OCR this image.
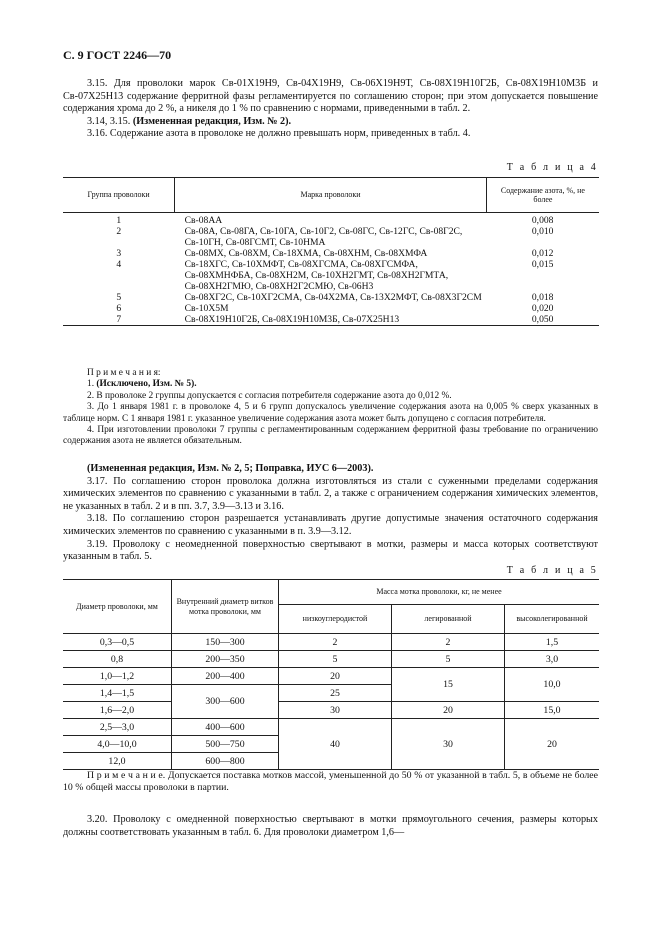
С. 9 ГОСТ 2246—70

3.15. Для проволоки марок Св-01Х19Н9, Св-04Х19Н9, Св-06Х19Н9Т, Св-08Х19Н10Г2Б, Св-08Х19Н10М3Б и Св-07Х25Н13 содержание ферритной фазы регламентируется по соглашению сторон; при этом допускается повышение содержания хрома до 2 %, а никеля до 1 % по сравнению с нормами, приведенными в табл. 2.

3.14, 3.15. (Измененная редакция, Изм. № 2).

3.16. Содержание азота в проволоке не должно превышать норм, приведенных в табл. 4.

Т а б л и ц а 4
Группа проволоки	Марка проволоки	Содержание азота, %, не более
1	Св-08АА	0,008
2	Св-08А, Св-08ГА, Св-10ГА, Св-10Г2, Св-08ГС, Св-12ГС, Св-08Г2С, Св-10ГН, Св-08ГСМТ, Св-10НМА	0,010
3	Св-08МХ, Св-08ХМ, Св-18ХМА, Св-08ХНМ, Св-08ХМФА	0,012
4	Св-18ХГС, Св-10ХМФТ, Св-08ХГСМА, Св-08ХГСМФА, Св-08ХМНФБА, Св-08ХН2М, Св-10ХН2ГМТ, Св-08ХН2ГМТА, Св-08ХН2ГМЮ, Св-08ХН2Г2СМЮ, Св-06Н3	0,015
5	Св-08ХГ2С, Св-10ХГ2СМА, Св-04Х2МА, Св-13Х2МФТ, Св-08Х3Г2СМ	0,018
6	Св-10Х5М	0,020
7	Св-08Х19Н10Г2Б, Св-08Х19Н10М3Б, Св-07Х25Н13	0,050

П р и м е ч а н и я:

1. (Исключено, Изм. № 5).

2. В проволоке 2 группы допускается с согласия потребителя содержание азота до 0,012 %.

3. До 1 января 1981 г. в проволоке 4, 5 и 6 групп допускалось увеличение содержания азота на 0,005 % сверх указанных в таблице норм. С 1 января 1981 г. указанное увеличение содержания азота может быть допущено с согласия потребителя.

4. При изготовлении проволоки 7 группы с регламентированным содержанием ферритной фазы требование по ограничению содержания азота не является обязательным.

(Измененная редакция, Изм. № 2, 5; Поправка, ИУС 6—2003).

3.17. По соглашению сторон проволока должна изготовляться из стали с суженными пределами содержания химических элементов по сравнению с указанными в табл. 2, а также с ограничением содержания химических элементов, не указанных в табл. 2 и в пп. 3.7, 3.9—3.13 и 3.16.

3.18. По соглашению сторон разрешается устанавливать другие допустимые значения остаточного содержания химических элементов по сравнению с указанными в п. 3.9—3.12.

3.19. Проволоку с неомедненной поверхностью свертывают в мотки, размеры и масса которых соответствуют указанным в табл. 5.

Т а б л и ц а 5
Диаметр проволоки, мм	Внутренний диаметр витков мотка проволоки, мм	Масса мотка проволоки, кг, не менее		
		низкоуглеродистой	легированной	высоколегированной
0,3—0,5	150—300	2	2	1,5
0,8	200—350	5	5	3,0
1,0—1,2	200—400	20	15	10,0
1,4—1,5	300—600	25		
1,6—2,0		30	20	15,0
2,5—3,0	400—600	40	30	20
4,0—10,0	500—750			
12,0	600—800			

П р и м е ч а н и е. Допускается поставка мотков массой, уменьшенной до 50 % от указанной в табл. 5, в объеме не более 10 % общей массы проволоки в партии.

3.20. Проволоку с омедненной поверхностью свертывают в мотки прямоугольного сечения, размеры которых должны соответствовать указанным в табл. 6. Для проволоки диаметром 1,6—
